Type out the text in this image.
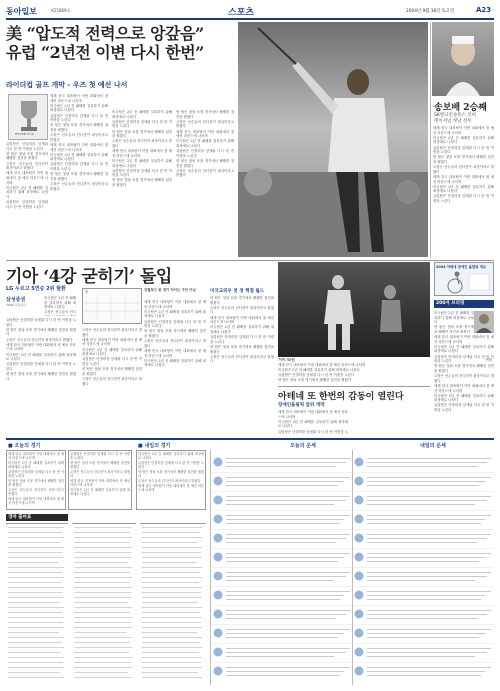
동아일보	제25869호	스포츠	2004년 9월 18일 토요일	A23
美 “압도적 전력으로 앙갚음”
유럽 “2년전 이변 다시 한번”
라이더컵 골프 개막 - 우즈 첫 예선 나서
RYDER CUP

세계 한국 대표팀이 이번 대회에서 첫 예선 라운드에 나서며

미국팀은 2년 전 패배를 설욕하기 위해 최정예로 나섰다

유럽팀은 단결력을 앞세워 다시 한 번 이변을 노린다

양 팀은 첫날 포볼 경기에서 팽팽한 접전을 펼쳤다

주장은 선수들의 컨디션이 최상이라고 밝혔다

세계 한국 대표팀이 이번 대회에서 첫 예선 라운드에 나서며

미국팀은 2년 전 패배를 설욕하기 위해 최정예로 나섰다

유럽팀은 단결력을 앞세워 다시 한 번 이변을 노린다

양 팀은 첫날 포볼 경기에서 팽팽한 접전을 펼쳤다

주장은 선수들의 컨디션이 최상이라고 밝혔다

유럽팀은 단결력을 앞세워 다시 한 번 이변을 노린다

양 팀은 첫날 포볼 경기에서 팽팽한 접전을 펼쳤다

주장은 선수들의 컨디션이 최상이라고 밝혔다

세계 한국 대표팀이 이번 대회에서 첫 예선 라운드에 나서며

미국팀은 2년 전 패배를 설욕하기 위해 최정예로 나섰다

유럽팀은 단결력을 앞세워 다시 한 번 이변을 노린다

미국팀은 2년 전 패배를 설욕하기 위해 최정예로 나섰다

유럽팀은 단결력을 앞세워 다시 한 번 이변을 노린다

양 팀은 첫날 포볼 경기에서 팽팽한 접전을 펼쳤다

주장은 선수들의 컨디션이 최상이라고 밝혔다

세계 한국 대표팀이 이번 대회에서 첫 예선 라운드에 나서며

미국팀은 2년 전 패배를 설욕하기 위해 최정예로 나섰다

유럽팀은 단결력을 앞세워 다시 한 번 이변을 노린다

양 팀은 첫날 포볼 경기에서 팽팽한 접전을 펼쳤다

양 팀은 첫날 포볼 경기에서 팽팽한 접전을 펼쳤다

주장은 선수들의 컨디션이 최상이라고 밝혔다

세계 한국 대표팀이 이번 대회에서 첫 예선 라운드에 나서며

미국팀은 2년 전 패배를 설욕하기 위해 최정예로 나섰다

유럽팀은 단결력을 앞세워 다시 한 번 이변을 노린다

양 팀은 첫날 포볼 경기에서 팽팽한 접전을 펼쳤다

주장은 선수들의 컨디션이 최상이라고 밝혔다

송보배 2승째
SK엔크린솔룩스 인비
테이셔널 첫날 선두

세계 한국 대표팀이 이번 대회에서 첫 예선 라운드에 나서며

미국팀은 2년 전 패배를 설욕하기 위해 최정예로 나섰다

유럽팀은 단결력을 앞세워 다시 한 번 이변을 노린다

양 팀은 첫날 포볼 경기에서 팽팽한 접전을 펼쳤다

주장은 선수들의 컨디션이 최상이라고 밝혔다

세계 한국 대표팀이 이번 대회에서 첫 예선 라운드에 나서며

미국팀은 2년 전 패배를 설욕하기 위해 최정예로 나섰다

유럽팀은 단결력을 앞세워 다시 한 번 이변을 노린다

기아 ‘4강 굳히기’ 돌입
거미 타선	연합

세계 한국 대표팀이 이번 대회에서 첫 예선 라운드에 나서며

미국팀은 2년 전 패배를 설욕하기 위해 최정예로 나섰다

유럽팀은 단결력을 앞세워 다시 한 번 이변을 노린다

양 팀은 첫날 포볼 경기에서 팽팽한 접전을 펼쳤다

LG 누르고 5연승 2위 탈환
삼성증권
2004 프로야구

유럽팀은 단결력을 앞세워 다시 한 번 이변을 노린다

양 팀은 첫날 포볼 경기에서 팽팽한 접전을 펼쳤다

주장은 선수들의 컨디션이 최상이라고 밝혔다

세계 한국 대표팀이 이번 대회에서 첫 예선 라운드에 나서며

미국팀은 2년 전 패배를 설욕하기 위해 최정예로 나섰다

유럽팀은 단결력을 앞세워 다시 한 번 이변을 노린다

양 팀은 첫날 포볼 경기에서 팽팽한 접전을 펼쳤다

미국팀은 2년 전 패배를 설욕하기 위해 최정예로 나섰다

주장은 선수들의 컨디

팀	강철포드 한 경기 차이는 구단 아님

주장은 선수들의 컨디션이 최상이라고 밝혔다

세계 한국 대표팀이 이번 대회에서 첫 예선 라운드에 나서며

미국팀은 2년 전 패배를 설욕하기 위해 최정예로 나섰다

유럽팀은 단결력을 앞세워 다시 한 번 이변을 노린다

양 팀은 첫날 포볼 경기에서 팽팽한 접전을 펼쳤다

주장은 선수들의 컨디션이 최상이라고 밝혔다

세계 한국 대표팀이 이번 대회에서 첫 예선 라운드에 나서며

미국팀은 2년 전 패배를 설욕하기 위해 최정예로 나섰다

유럽팀은 단결력을 앞세워 다시 한 번 이변을 노린다

양 팀은 첫날 포볼 경기에서 팽팽한 접전을 펼쳤다

주장은 선수들의 컨디션이 최상이라고 밝혔다

세계 한국 대표팀이 이번 대회에서 첫 예선 라운드에 나서며

미국팀은 2년 전 패배를 설욕하기 위해 최정예로 나섰다

미국교외우 첫 정 핵결 월드

양 팀은 첫날 포볼 경기에서 팽팽한 접전을 펼쳤다

주장은 선수들의 컨디션이 최상이라고 밝혔다

세계 한국 대표팀이 이번 대회에서 첫 예선 라운드에 나서며

미국팀은 2년 전 패배를 설욕하기 위해 최정예로 나섰다

유럽팀은 단결력을 앞세워 다시 한 번 이변을 노린다

양 팀은 첫날 포볼 경기에서 팽팽한 접전을 펼쳤다

주장은 선수들의 컨디션이 최상이라고 밝혔다

아테네 또 한번의 감동이 열린다
장애인올림픽 앞뒤 개막

세계 한국 대표팀이 이번 대회에서 첫 예선 라운드에 나서며

미국팀은 2년 전 패배를 설욕하기 위해 최정예로 나섰다

유럽팀은 단결력을 앞세워 다시 한 번 이변을 노

2004 아테네 장애인 올림픽 개요
200자 브리핑

미국팀은 2년 전 패배를 설욕하기 위해 최정예로 나섰다

양 팀은 첫날 포볼 경기에서 팽팽한 접전을 펼쳤다

세계 한국 대표팀이 이번 대회에서 첫 예선 라운드에 나서며

미국팀은 2년 전 패배를 설욕하기 위해 최정예로 나섰다

유럽팀은 단결력을 앞세워 다시 한 번 이변을 노린다

양 팀은 첫날 포볼 경기에서 팽팽한 접전을 펼쳤다

주장은 선수들의 컨디션이 최상이라고 밝혔다

세계 한국 대표팀이 이번 대회에서 첫 예선 라운드에 나서며

미국팀은 2년 전 패배를 설욕하기 위해 최정예로 나섰다

유럽팀은 단결력을 앞세워 다시 한 번 이변을 노린다

■ 오늘의 경기

세계 한국 대표팀이 이번 대회에서 첫 예선 라운드에 나서며

미국팀은 2년 전 패배를 설욕하기 위해 최정예로 나섰다

유럽팀은 단결력을 앞세워 다시 한 번 이변을 노린다

양 팀은 첫날 포볼 경기에서 팽팽한 접전을 펼쳤다

주장은 선수들의 컨디션이 최상이라고 밝혔다

세계 한국 대표팀이 이번 대회에서 첫 예선 라운드에 나서며

유럽팀은 단결력을 앞세워 다시 한 번 이변을 노린다

양 팀은 첫날 포볼 경기에서 팽팽한 접전을 펼쳤다

주장은 선수들의 컨디션이 최상이라고 밝혔다

세계 한국 대표팀이 이번 대회에서 첫 예선 라운드에 나서며

미국팀은 2년 전 패배를 설욕하기 위해 최정예로 나섰다

■ 내일의 경기

미국팀은 2년 전 패배를 설욕하기 위해 최정예로 나섰다

유럽팀은 단결력을 앞세워 다시 한 번 이변을 노린다

양 팀은 첫날 포볼 경기에서 팽팽한 접전을 펼쳤다

주장은 선수들의 컨디션이 최상이라고 밝혔다

세계 한국 대표팀이 이번 대회에서 첫 예선 라운드에 나서며

경마 출마표
오늘의 운세	내일의 운세
